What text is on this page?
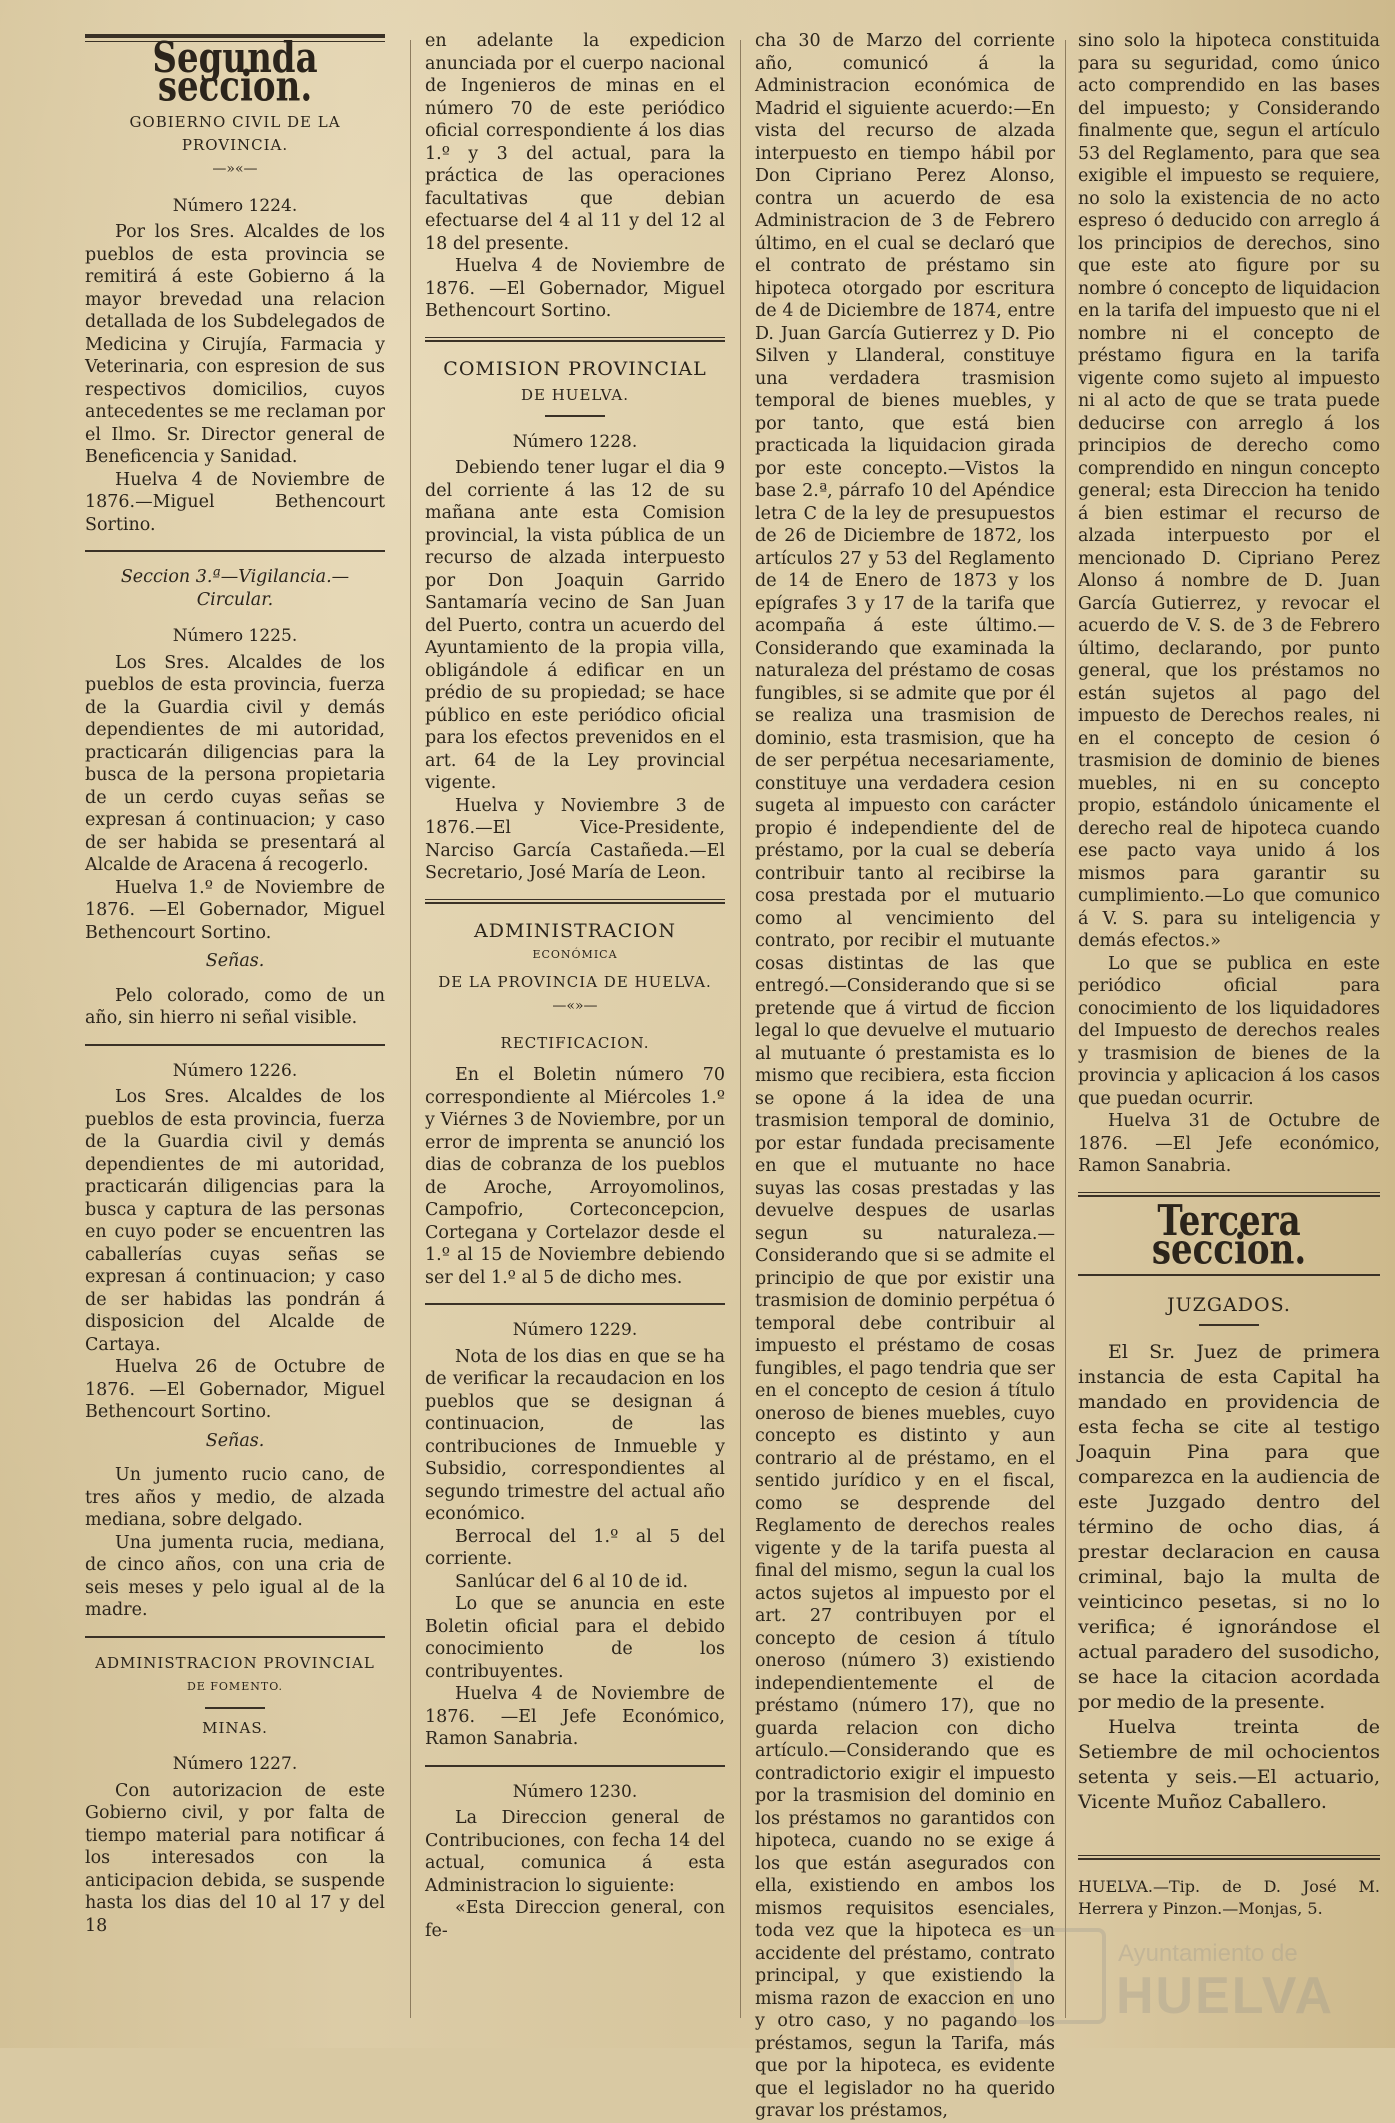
Segunda seccion.
GOBIERNO CIVIL DE LA PROVINCIA.
—»«—
Número 1224.

Por los Sres. Alcaldes de los pueblos de esta provincia se remitirá á este Gobierno á la mayor brevedad una relacion detallada de los Subdelegados de Medicina y Cirujía, Farmacia y Veterinaria, con espresion de sus respectivos domicilios, cuyos antecedentes se me reclaman por el Ilmo. Sr. Director general de Beneficencia y Sanidad.

Huelva 4 de Noviembre de 1876.—Miguel Bethencourt Sortino.

Seccion 3.ª—Vigilancia.—Circular.

Número 1225.

Los Sres. Alcaldes de los pueblos de esta provincia, fuerza de la Guardia civil y demás dependientes de mi autoridad, practicarán diligencias para la busca de la persona propietaria de un cerdo cuyas señas se expresan á continuacion; y caso de ser habida se presentará al Alcalde de Aracena á recogerlo.

Huelva 1.º de Noviembre de 1876. —El Gobernador, Miguel Bethencourt Sortino.

Señas.

Pelo colorado, como de un año, sin hierro ni señal visible.

Número 1226.

Los Sres. Alcaldes de los pueblos de esta provincia, fuerza de la Guardia civil y demás dependientes de mi autoridad, practicarán diligencias para la busca y captura de las personas en cuyo poder se encuentren las caballerías cuyas señas se expresan á continuacion; y caso de ser habidas las pondrán á disposicion del Alcalde de Cartaya.

Huelva 26 de Octubre de 1876. —El Gobernador, Miguel Bethencourt Sortino.

Señas.

Un jumento rucio cano, de tres años y medio, de alzada mediana, sobre delgado.

Una jumenta rucia, mediana, de cinco años, con una cria de seis meses y pelo igual al de la madre.

ADMINISTRACION PROVINCIAL
DE FOMENTO.
MINAS.
Número 1227.

Con autorizacion de este Gobierno civil, y por falta de tiempo material para notificar á los interesados con la anticipacion debida, se suspende hasta los dias del 10 al 17 y del 18

en adelante la expedicion anunciada por el cuerpo nacional de Ingenieros de minas en el número 70 de este periódico oficial correspondiente á los dias 1.º y 3 del actual, para la práctica de las operaciones facultativas que debian efectuarse del 4 al 11 y del 12 al 18 del presente.

Huelva 4 de Noviembre de 1876. —El Gobernador, Miguel Bethencourt Sortino.

COMISION PROVINCIAL
DE HUELVA.
Número 1228.

Debiendo tener lugar el dia 9 del corriente á las 12 de su mañana ante esta Comision provincial, la vista pública de un recurso de alzada interpuesto por Don Joaquin Garrido Santamaría vecino de San Juan del Puerto, contra un acuerdo del Ayuntamiento de la propia villa, obligándole á edificar en un prédio de su propiedad; se hace público en este periódico oficial para los efectos prevenidos en el art. 64 de la Ley provincial vigente.

Huelva y Noviembre 3 de 1876.—El Vice-Presidente, Narciso García Castañeda.—El Secretario, José María de Leon.

ADMINISTRACION
ECONÓMICA
DE LA PROVINCIA DE HUELVA.
—«»—
RECTIFICACION.

En el Boletin número 70 correspondiente al Miércoles 1.º y Viérnes 3 de Noviembre, por un error de imprenta se anunció los dias de cobranza de los pueblos de Aroche, Arroyomolinos, Campofrio, Corteconcepcion, Cortegana y Cortelazor desde el 1.º al 15 de Noviembre debiendo ser del 1.º al 5 de dicho mes.

Número 1229.

Nota de los dias en que se ha de verificar la recaudacion en los pueblos que se designan á continuacion, de las contribuciones de Inmueble y Subsidio, correspondientes al segundo trimestre del actual año económico.

Berrocal del 1.º al 5 del corriente.

Sanlúcar del 6 al 10 de id.

Lo que se anuncia en este Boletin oficial para el debido conocimiento de los contribuyentes.

Huelva 4 de Noviembre de 1876. —El Jefe Económico, Ramon Sanabria.

Número 1230.

La Direccion general de Contribuciones, con fecha 14 del actual, comunica á esta Administracion lo siguiente:

«Esta Direccion general, con fe-

cha 30 de Marzo del corriente año, comunicó á la Administracion económica de Madrid el siguiente acuerdo:—En vista del recurso de alzada interpuesto en tiempo hábil por Don Cipriano Perez Alonso, contra un acuerdo de esa Administracion de 3 de Febrero último, en el cual se declaró que el contrato de préstamo sin hipoteca otorgado por escritura de 4 de Diciembre de 1874, entre D. Juan García Gutierrez y D. Pio Silven y Llanderal, constituye una verdadera trasmision temporal de bienes muebles, y por tanto, que está bien practicada la liquidacion girada por este concepto.—Vistos la base 2.ª, párrafo 10 del Apéndice letra C de la ley de presupuestos de 26 de Diciembre de 1872, los artículos 27 y 53 del Reglamento de 14 de Enero de 1873 y los epígrafes 3 y 17 de la tarifa que acompaña á este último.—Considerando que examinada la naturaleza del préstamo de cosas fungibles, si se admite que por él se realiza una trasmision de dominio, esta trasmision, que ha de ser perpétua necesariamente, constituye una verdadera cesion sugeta al impuesto con carácter propio é independiente del de préstamo, por la cual se debería contribuir tanto al recibirse la cosa prestada por el mutuario como al vencimiento del contrato, por recibir el mutuante cosas distintas de las que entregó.—Considerando que si se pretende que á virtud de ficcion legal lo que devuelve el mutuario al mutuante ó prestamista es lo mismo que recibiera, esta ficcion se opone á la idea de una trasmision temporal de dominio, por estar fundada precisamente en que el mutuante no hace suyas las cosas prestadas y las devuelve despues de usarlas segun su naturaleza.—Considerando que si se admite el principio de que por existir una trasmision de dominio perpétua ó temporal debe contribuir al impuesto el préstamo de cosas fungibles, el pago tendria que ser en el concepto de cesion á título oneroso de bienes muebles, cuyo concepto es distinto y aun contrario al de préstamo, en el sentido jurídico y en el fiscal, como se desprende del Reglamento de derechos reales vigente y de la tarifa puesta al final del mismo, segun la cual los actos sujetos al impuesto por el art. 27 contribuyen por el concepto de cesion á título oneroso (número 3) existiendo independientemente el de préstamo (número 17), que no guarda relacion con dicho artículo.—Considerando que es contradictorio exigir el impuesto por la trasmision del dominio en los préstamos no garantidos con hipoteca, cuando no se exige á los que están asegurados con ella, existiendo en ambos los mismos requisitos esenciales, toda vez que la hipoteca es un accidente del préstamo, contrato principal, y que existiendo la misma razon de exaccion en uno y otro caso, y no pagando los préstamos, segun la Tarifa, más que por la hipoteca, es evidente que el legislador no ha querido gravar los préstamos,

sino solo la hipoteca constituida para su seguridad, como único acto comprendido en las bases del impuesto; y Considerando finalmente que, segun el artículo 53 del Reglamento, para que sea exigible el impuesto se requiere, no solo la existencia de no acto espreso ó deducido con arreglo á los principios de derechos, sino que este ato figure por su nombre ó concepto de liquidacion en la tarifa del impuesto que ni el nombre ni el concepto de préstamo figura en la tarifa vigente como sujeto al impuesto ni al acto de que se trata puede deducirse con arreglo á los principios de derecho como comprendido en ningun concepto general; esta Direccion ha tenido á bien estimar el recurso de alzada interpuesto por el mencionado D. Cipriano Perez Alonso á nombre de D. Juan García Gutierrez, y revocar el acuerdo de V. S. de 3 de Febrero último, declarando, por punto general, que los préstamos no están sujetos al pago del impuesto de Derechos reales, ni en el concepto de cesion ó trasmision de dominio de bienes muebles, ni en su concepto propio, estándolo únicamente el derecho real de hipoteca cuando ese pacto vaya unido á los mismos para garantir su cumplimiento.—Lo que comunico á V. S. para su inteligencia y demás efectos.»

Lo que se publica en este periódico oficial para conocimiento de los liquidadores del Impuesto de derechos reales y trasmision de bienes de la provincia y aplicacion á los casos que puedan ocurrir.

Huelva 31 de Octubre de 1876. —El Jefe económico, Ramon Sanabria.

Tercera seccion.
JUZGADOS.

El Sr. Juez de primera instancia de esta Capital ha mandado en providencia de esta fecha se cite al testigo Joaquin Pina para que comparezca en la audiencia de este Juzgado dentro del término de ocho dias, á prestar declaracion en causa criminal, bajo la multa de veinticinco pesetas, si no lo verifica; é ignorándose el actual paradero del susodicho, se hace la citacion acordada por medio de la presente.

Huelva treinta de Setiembre de mil ochocientos setenta y seis.—El actuario, Vicente Muñoz Caballero.

HUELVA.—Tip. de D. José M. Herrera y Pinzon.—Monjas, 5.

Ayuntamiento de
HUELVA
